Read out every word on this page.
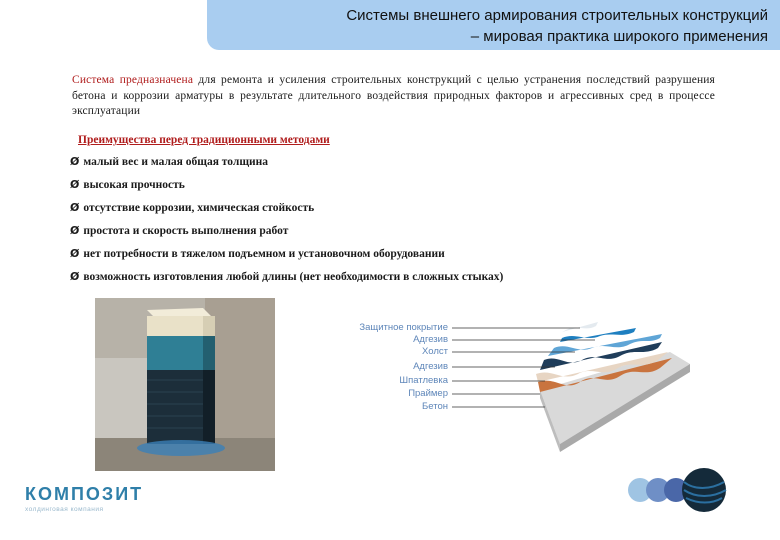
Системы внешнего армирования строительных конструкций
– мировая практика широкого применения
Система предназначена для ремонта и усиления строительных конструкций с целью устранения последствий разрушения бетона и коррозии арматуры в результате длительного воздействия природных факторов и агрессивных сред в процессе эксплуатации
Преимущества перед традиционными методами
Ø малый вес и малая общая толщина
Ø высокая прочность
Ø отсутствие коррозии, химическая стойкость
Ø простота и скорость выполнения работ
Ø нет потребности в тяжелом подъемном и установочном оборудовании
Ø возможность изготовления любой длины (нет необходимости в сложных стыках)
Защитное покрытие
Адгезив
Холст
Адгезив
Шпатлевка
Праймер
Бетон
КОМПОЗИТ
холдинговая компания
